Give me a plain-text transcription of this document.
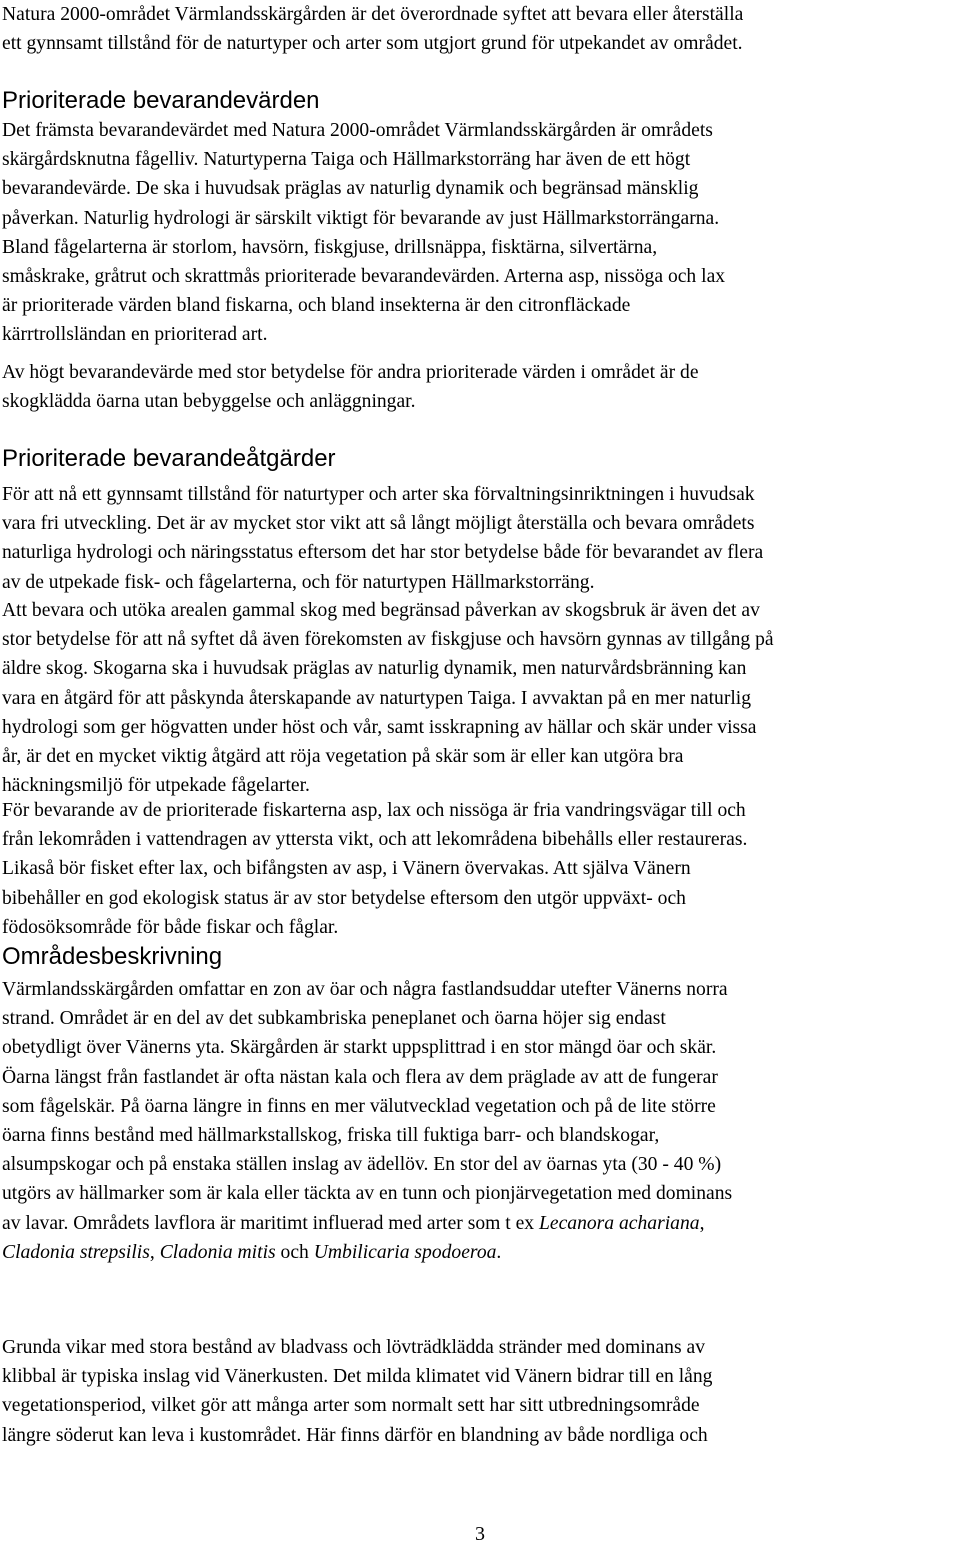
Natura 2000-området Värmlandsskärgården är det överordnade syftet att bevara eller återställa
ett gynnsamt tillstånd för de naturtyper och arter som utgjort grund för utpekandet av området.

Prioriterade bevarandevärden

Det främsta bevarandevärdet med Natura 2000-området Värmlandsskärgården är områdets
skärgårdsknutna fågelliv. Naturtyperna Taiga och Hällmarkstorräng har även de ett högt
bevarandevärde. De ska i huvudsak präglas av naturlig dynamik och begränsad mänsklig
påverkan. Naturlig hydrologi är särskilt viktigt för bevarande av just Hällmarkstorrängarna.
Bland fågelarterna är storlom, havsörn, fiskgjuse, drillsnäppa, fisktärna, silvertärna,
småskrake, gråtrut och skrattmås prioriterade bevarandevärden. Arterna asp, nissöga och lax
är prioriterade värden bland fiskarna, och bland insekterna är den citronfläckade
kärrtrollsländan en prioriterad art.

Av högt bevarandevärde med stor betydelse för andra prioriterade värden i området är de
skogklädda öarna utan bebyggelse och anläggningar.

Prioriterade bevarandeåtgärder

För att nå ett gynnsamt tillstånd för naturtyper och arter ska förvaltningsinriktningen i huvudsak
vara fri utveckling. Det är av mycket stor vikt att så långt möjligt återställa och bevara områdets
naturliga hydrologi och näringsstatus eftersom det har stor betydelse både för bevarandet av flera
av de utpekade fisk- och fågelarterna, och för naturtypen Hällmarkstorräng.

Att bevara och utöka arealen gammal skog med begränsad påverkan av skogsbruk är även det av
stor betydelse för att nå syftet då även förekomsten av fiskgjuse och havsörn gynnas av tillgång på
äldre skog. Skogarna ska i huvudsak präglas av naturlig dynamik, men naturvårdsbränning kan
vara en åtgärd för att påskynda återskapande av naturtypen Taiga. I avvaktan på en mer naturlig
hydrologi som ger högvatten under höst och vår, samt isskrapning av hällar och skär under vissa
år, är det en mycket viktig åtgärd att röja vegetation på skär som är eller kan utgöra bra
häckningsmiljö för utpekade fågelarter.

För bevarande av de prioriterade fiskarterna asp, lax och nissöga är fria vandringsvägar till och
från lekområden i vattendragen av yttersta vikt, och att lekområdena bibehålls eller restaureras.
Likaså bör fisket efter lax, och bifångsten av asp, i Vänern övervakas. Att själva Vänern
bibehåller en god ekologisk status är av stor betydelse eftersom den utgör uppväxt- och
födosöksområde för både fiskar och fåglar.

Områdesbeskrivning

Värmlandsskärgården omfattar en zon av öar och några fastlandsuddar utefter Vänerns norra
strand. Området är en del av det subkambriska peneplanet och öarna höjer sig endast
obetydligt över Vänerns yta. Skärgården är starkt uppsplittrad i en stor mängd öar och skär.
Öarna längst från fastlandet är ofta nästan kala och flera av dem präglade av att de fungerar
som fågelskär. På öarna längre in finns en mer välutvecklad vegetation och på de lite större
öarna finns bestånd med hällmarkstallskog, friska till fuktiga barr- och blandskogar,
alsumpskogar och på enstaka ställen inslag av ädellöv. En stor del av öarnas yta (30 - 40 %)
utgörs av hällmarker som är kala eller täckta av en tunn och pionjärvegetation med dominans
av lavar. Områdets lavflora är maritimt influerad med arter som t ex Lecanora achariana,
Cladonia strepsilis, Cladonia mitis och Umbilicaria spodoeroa.

Grunda vikar med stora bestånd av bladvass och lövträdklädda stränder med dominans av
klibbal är typiska inslag vid Vänerkusten. Det milda klimatet vid Vänern bidrar till en lång
vegetationsperiod, vilket gör att många arter som normalt sett har sitt utbredningsområde
längre söderut kan leva i kustområdet. Här finns därför en blandning av både nordliga och

3
